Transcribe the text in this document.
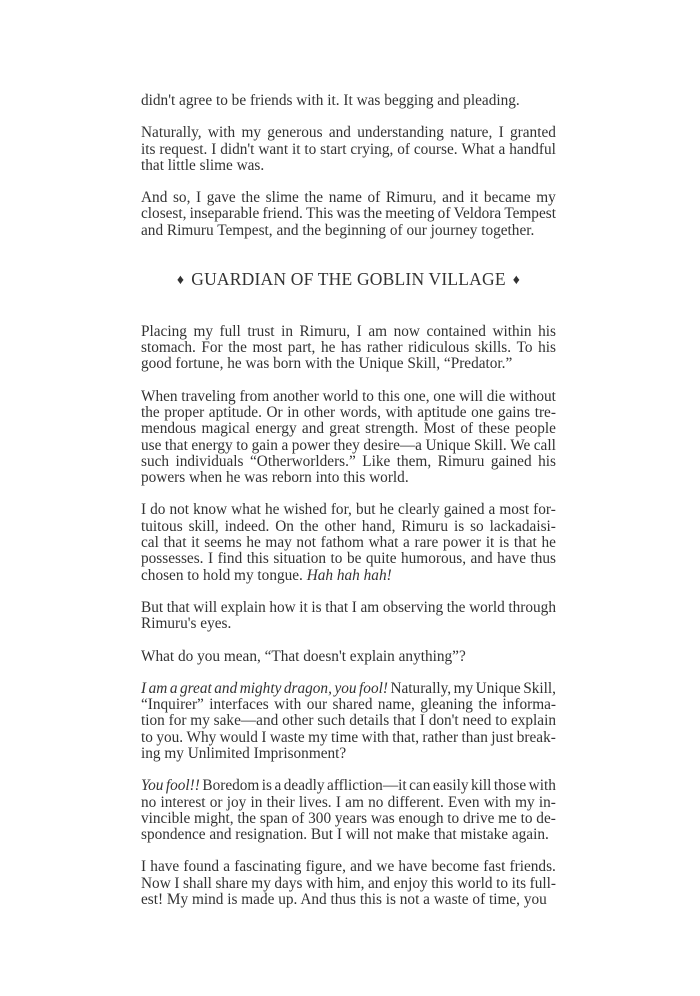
didn't agree to be friends with it. It was begging and pleading.
Naturally, with my generous and understanding nature, I granted
its request. I didn't want it to start crying, of course. What a handful
that little slime was.
And so, I gave the slime the name of Rimuru, and it became my
closest, inseparable friend. This was the meeting of Veldora Tempest
and Rimuru Tempest, and the beginning of our journey together.
♦ GUARDIAN OF THE GOBLIN VILLAGE ♦
Placing my full trust in Rimuru, I am now contained within his
stomach. For the most part, he has rather ridiculous skills. To his
good fortune, he was born with the Unique Skill, “Predator.”
When traveling from another world to this one, one will die without
the proper aptitude. Or in other words, with aptitude one gains tre-
mendous magical energy and great strength. Most of these people
use that energy to gain a power they desire—a Unique Skill. We call
such individuals “Otherworlders.” Like them, Rimuru gained his
powers when he was reborn into this world.
I do not know what he wished for, but he clearly gained a most for-
tuitous skill, indeed. On the other hand, Rimuru is so lackadaisi-
cal that it seems he may not fathom what a rare power it is that he
possesses. I find this situation to be quite humorous, and have thus
chosen to hold my tongue. Hah hah hah!
But that will explain how it is that I am observing the world through
Rimuru's eyes.
What do you mean, “That doesn't explain anything”?
I am a great and mighty dragon, you fool! Naturally, my Unique Skill,
“Inquirer” interfaces with our shared name, gleaning the informa-
tion for my sake—and other such details that I don't need to explain
to you. Why would I waste my time with that, rather than just break-
ing my Unlimited Imprisonment?
You fool!! Boredom is a deadly affliction—it can easily kill those with
no interest or joy in their lives. I am no different. Even with my in-
vincible might, the span of 300 years was enough to drive me to de-
spondence and resignation. But I will not make that mistake again.
I have found a fascinating figure, and we have become fast friends.
Now I shall share my days with him, and enjoy this world to its full-
est! My mind is made up. And thus this is not a waste of time, you
